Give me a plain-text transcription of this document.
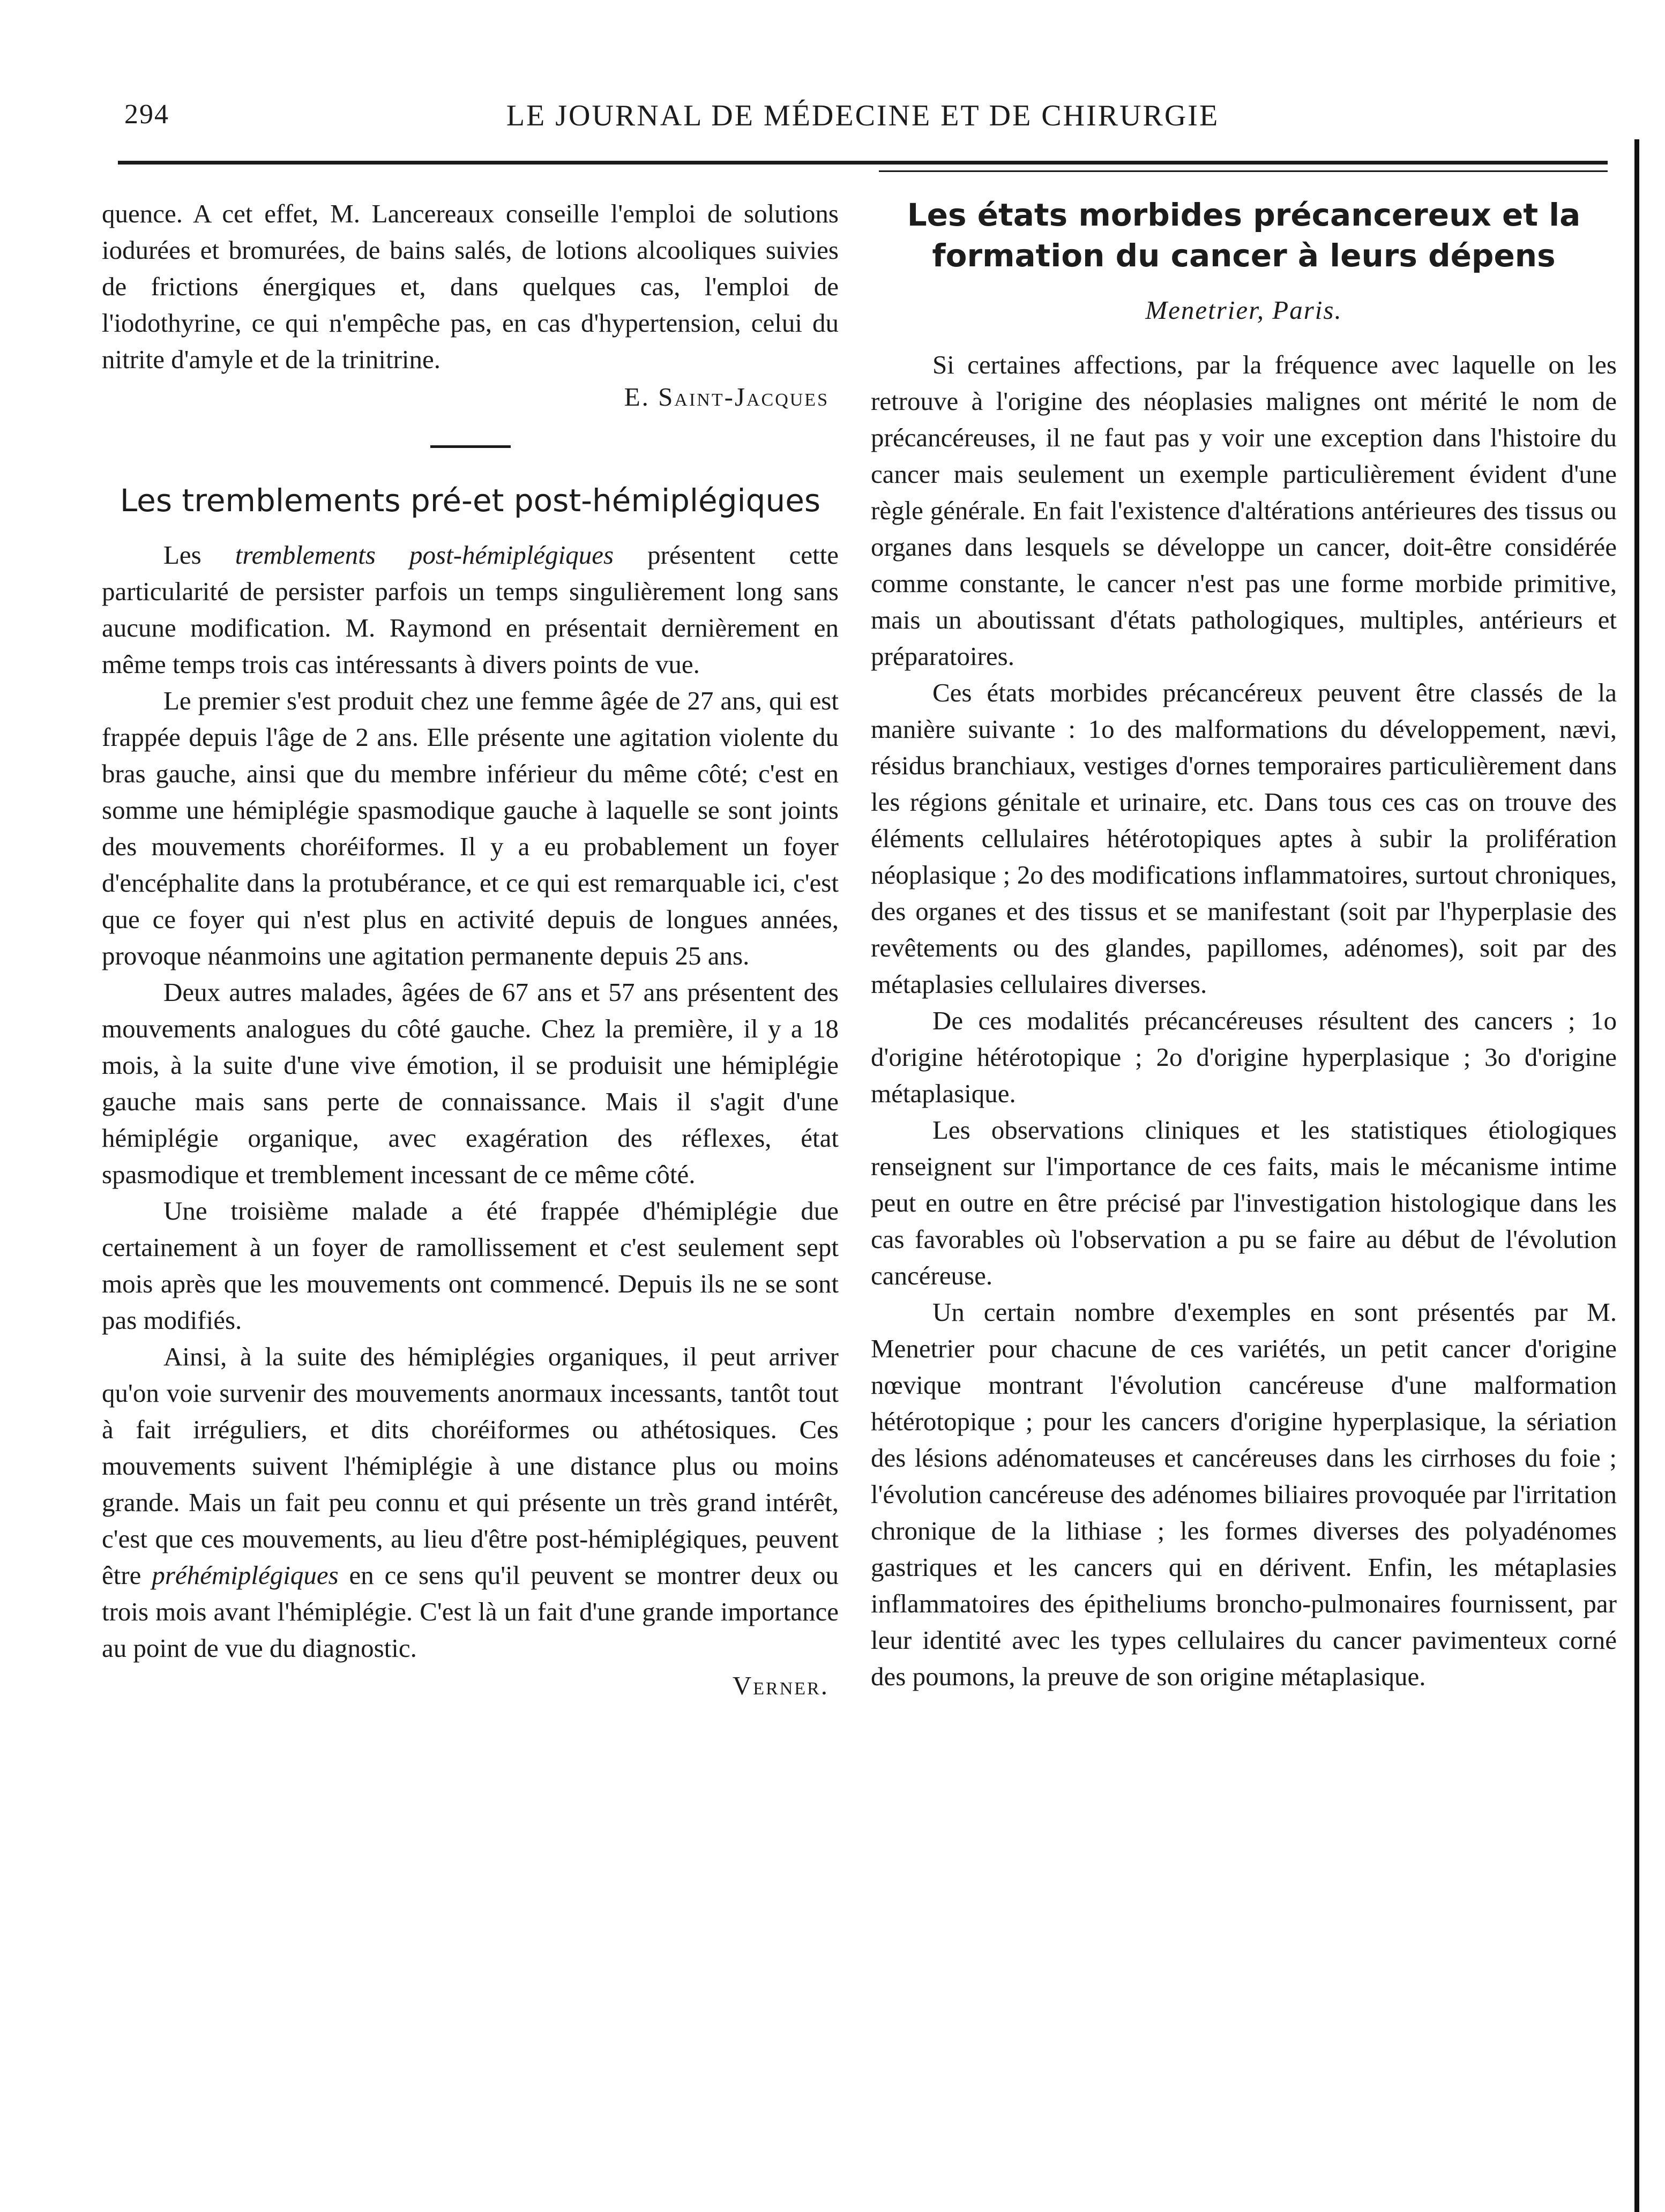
294	LE JOURNAL DE MÉDECINE ET DE CHIRURGIE

quence. A cet effet, M. Lancereaux conseille l'emploi de solutions iodurées et bromurées, de bains salés, de lotions alcooliques suivies de frictions énergiques et, dans quelques cas, l'emploi de l'iodothyrine, ce qui n'empêche pas, en cas d'hypertension, celui du nitrite d'amyle et de la trinitrine.

E. Saint-Jacques
Les tremblements pré-et post-hémiplégiques

Les tremblements post-hémiplégiques présentent cette particularité de persister parfois un temps singulièrement long sans aucune modification. M. Raymond en présentait dernièrement en même temps trois cas intéressants à divers points de vue.

Le premier s'est produit chez une femme âgée de 27 ans, qui est frappée depuis l'âge de 2 ans. Elle présente une agitation violente du bras gauche, ainsi que du membre inférieur du même côté; c'est en somme une hémiplégie spasmodique gauche à laquelle se sont joints des mouvements choréiformes. Il y a eu probablement un foyer d'encéphalite dans la protubérance, et ce qui est remarquable ici, c'est que ce foyer qui n'est plus en activité depuis de longues années, provoque néanmoins une agitation permanente depuis 25 ans.

Deux autres malades, âgées de 67 ans et 57 ans présentent des mouvements analogues du côté gauche. Chez la première, il y a 18 mois, à la suite d'une vive émotion, il se produisit une hémiplégie gauche mais sans perte de connaissance. Mais il s'agit d'une hémiplégie organique, avec exagération des réflexes, état spasmodique et tremblement incessant de ce même côté.

Une troisième malade a été frappée d'hémiplégie due certainement à un foyer de ramollissement et c'est seulement sept mois après que les mouvements ont commencé. Depuis ils ne se sont pas modifiés.

Ainsi, à la suite des hémiplégies organiques, il peut arriver qu'on voie survenir des mouvements anormaux incessants, tantôt tout à fait irréguliers, et dits choréiformes ou athétosiques. Ces mouvements suivent l'hémiplégie à une distance plus ou moins grande. Mais un fait peu connu et qui présente un très grand intérêt, c'est que ces mouvements, au lieu d'être post-hémiplégiques, peuvent être préhémiplégiques en ce sens qu'il peuvent se montrer deux ou trois mois avant l'hémiplégie. C'est là un fait d'une grande importance au point de vue du diagnostic.

Verner.
Les états morbides précancereux et la formation du cancer à leurs dépens
Menetrier, Paris.

Si certaines affections, par la fréquence avec laquelle on les retrouve à l'origine des néoplasies malignes ont mérité le nom de précancéreuses, il ne faut pas y voir une exception dans l'histoire du cancer mais seulement un exemple particulièrement évident d'une règle générale. En fait l'existence d'altérations antérieures des tissus ou organes dans lesquels se développe un cancer, doit-être considérée comme constante, le cancer n'est pas une forme morbide primitive, mais un aboutissant d'états pathologiques, multiples, antérieurs et préparatoires.

Ces états morbides précancéreux peuvent être classés de la manière suivante : 1o des malformations du développement, nævi, résidus branchiaux, vestiges d'ornes temporaires particulièrement dans les régions génitale et urinaire, etc. Dans tous ces cas on trouve des éléments cellulaires hétérotopiques aptes à subir la prolifération néoplasique ; 2o des modifications inflammatoires, surtout chroniques, des organes et des tissus et se manifestant (soit par l'hyperplasie des revêtements ou des glandes, papillomes, adénomes), soit par des métaplasies cellulaires diverses.

De ces modalités précancéreuses résultent des cancers ; 1o d'origine hétérotopique ; 2o d'origine hyperplasique ; 3o d'origine métaplasique.

Les observations cliniques et les statistiques étiologiques renseignent sur l'importance de ces faits, mais le mécanisme intime peut en outre en être précisé par l'investigation histologique dans les cas favorables où l'observation a pu se faire au début de l'évolution cancéreuse.

Un certain nombre d'exemples en sont présentés par M. Menetrier pour chacune de ces variétés, un petit cancer d'origine nœvique montrant l'évolution cancéreuse d'une malformation hétérotopique ; pour les cancers d'origine hyperplasique, la sériation des lésions adénomateuses et cancéreuses dans les cirrhoses du foie ; l'évolution cancéreuse des adénomes biliaires provoquée par l'irritation chronique de la lithiase ; les formes diverses des polyadénomes gastriques et les cancers qui en dérivent. Enfin, les métaplasies inflammatoires des épitheliums broncho-pulmonaires fournissent, par leur identité avec les types cellulaires du cancer pavimenteux corné des poumons, la preuve de son origine métaplasique.
